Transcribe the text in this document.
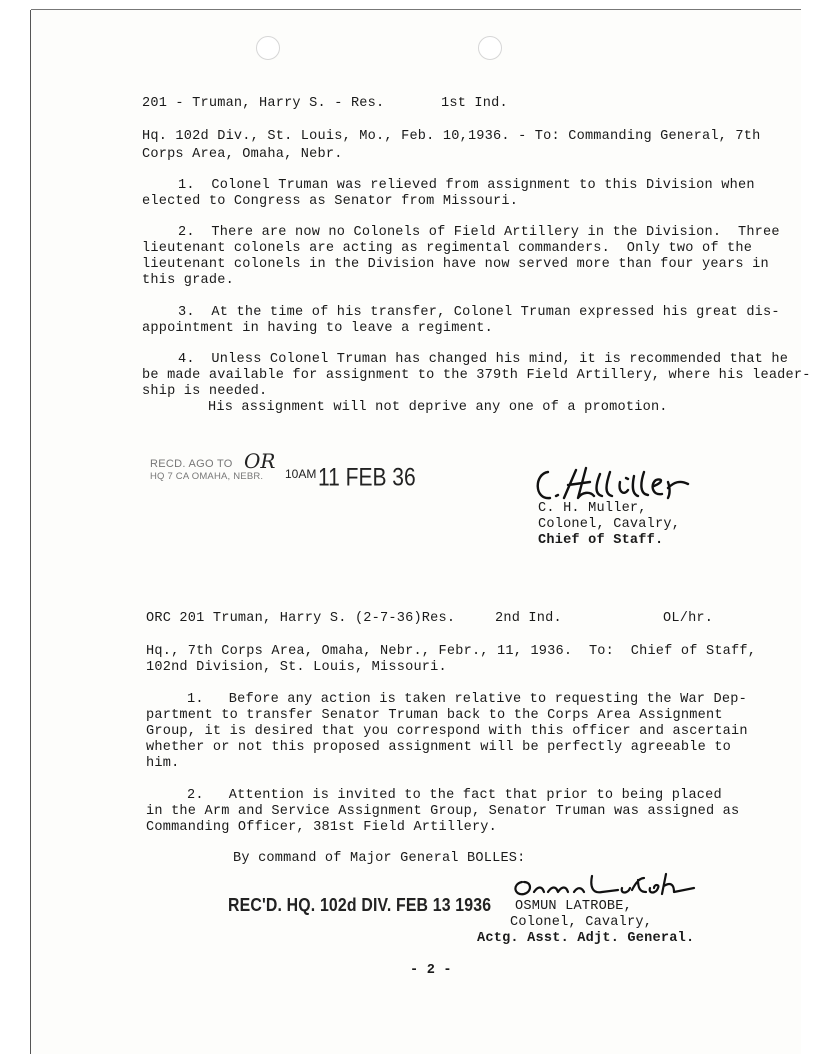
201 - Truman, Harry S. - Res.	1st Ind.
Hq. 102d Div., St. Louis, Mo., Feb. 10,1936. - To: Commanding General, 7th
Corps Area, Omaha, Nebr.
1.  Colonel Truman was relieved from assignment to this Division when
elected to Congress as Senator from Missouri.
2.  There are now no Colonels of Field Artillery in the Division.  Three
lieutenant colonels are acting as regimental commanders.  Only two of the
lieutenant colonels in the Division have now served more than four years in
this grade.
3.  At the time of his transfer, Colonel Truman expressed his great dis-
appointment in having to leave a regiment.
4.  Unless Colonel Truman has changed his mind, it is recommended that he
be made available for assignment to the 379th Field Artillery, where his leader-
ship is needed.
His assignment will not deprive any one of a promotion.
RECD. AGO TO OR
HQ 7 CA OMAHA, NEBR. 10AM 11 FEB 36
C. H. Muller,
Colonel, Cavalry,
Chief of Staff.
ORC 201 Truman, Harry S. (2-7-36)Res.	2nd Ind.	OL/hr.
Hq., 7th Corps Area, Omaha, Nebr., Febr., 11, 1936.  To:  Chief of Staff,
102nd Division, St. Louis, Missouri.
1.   Before any action is taken relative to requesting the War Dep-
partment to transfer Senator Truman back to the Corps Area Assignment
Group, it is desired that you correspond with this officer and ascertain
whether or not this proposed assignment will be perfectly agreeable to
him.
2.   Attention is invited to the fact that prior to being placed
in the Arm and Service Assignment Group, Senator Truman was assigned as
Commanding Officer, 381st Field Artillery.
By command of Major General BOLLES:
REC'D. HQ. 102d DIV. FEB 13 1936 OSMUN LATROBE,
Colonel, Cavalry,
Actg. Asst. Adjt. General.
- 2 -
